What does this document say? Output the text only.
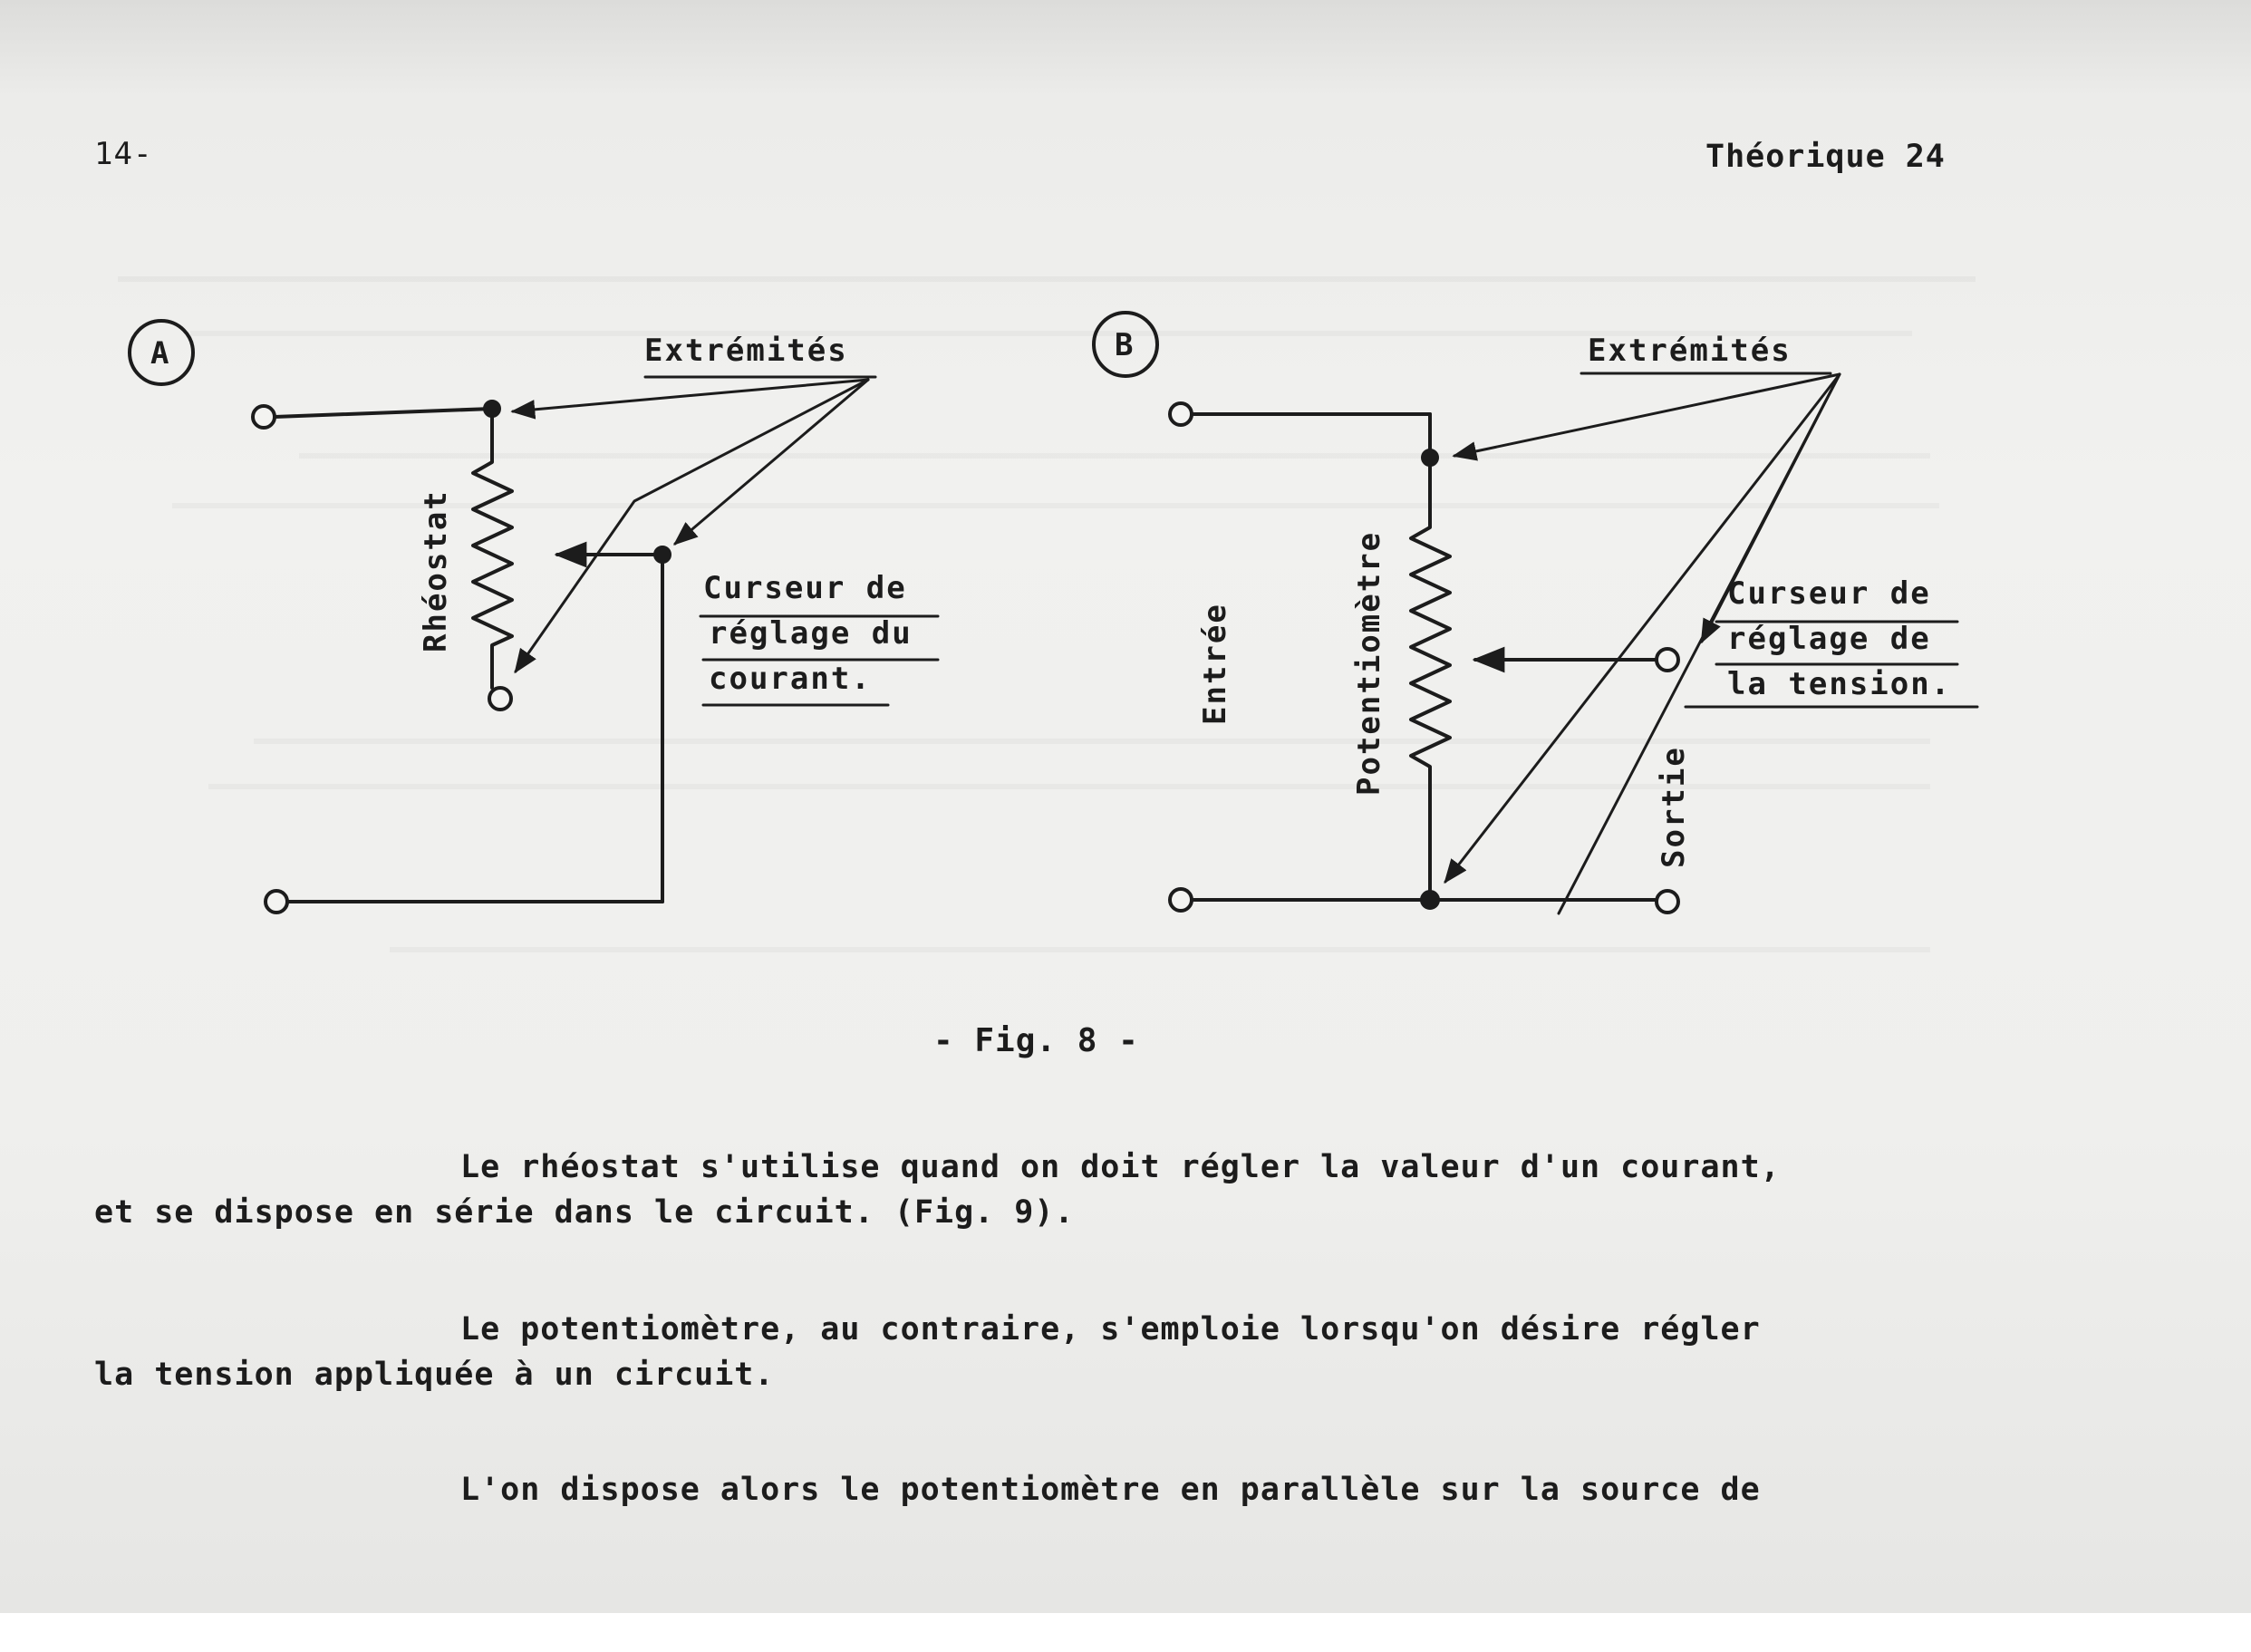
14-	Théorique 24
A	Extrémités
Rhéostat	Curseur de
réglage du
courant.
B	Extrémités
Entrée	Potentiomètre
Sortie
Curseur de
réglage de
la tension.
- Fig. 8 -
Le rhéostat s'utilise quand on doit régler la valeur d'un courant,
et se dispose en série dans le circuit. (Fig. 9).
Le potentiomètre, au contraire, s'emploie lorsqu'on désire régler
la tension appliquée à un circuit.
L'on dispose alors le potentiomètre en parallèle sur la source de
